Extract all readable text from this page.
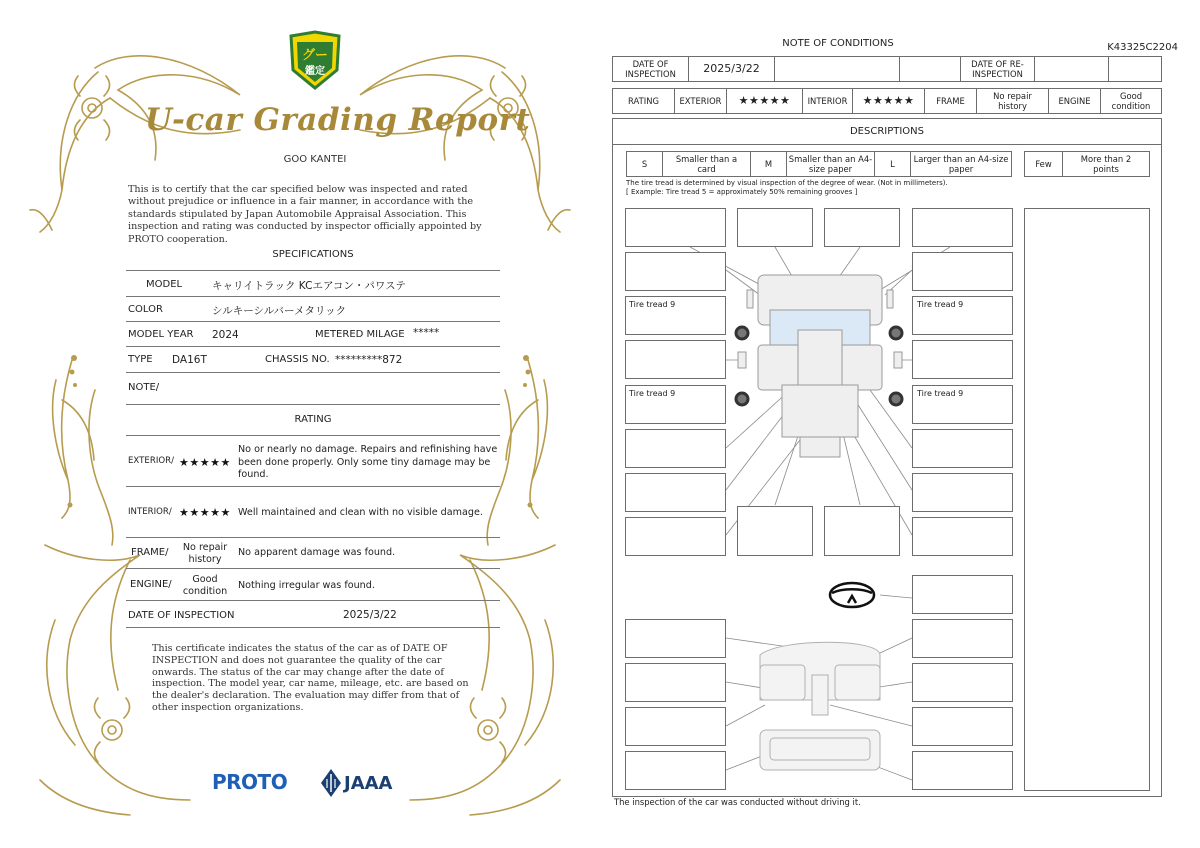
グー
鑑定
U-car Grading Report
GOO KANTEI
This is to certify that the car specified below was inspected and rated without prejudice or influence in a fair manner, in accordance with the standards stipulated by Japan Automobile Appraisal Association. This inspection and rating was conducted by inspector officially appointed by PROTO cooperation.
SPECIFICATIONS
MODEL	キャリイトラック KCエアコン・パワステ
COLOR	シルキーシルバーメタリック
MODEL YEAR 2024	METERED MILAGE *****
TYPE DA16T	CHASSIS NO. *********872
NOTE/
RATING
EXTERIOR/ ★★★★★
No or nearly no damage. Repairs and refinishing have been done properly. Only some tiny damage may be found.
INTERIOR/ ★★★★★ Well maintained and clean with no visible damage.
FRAME/	No repair history
No apparent damage was found.
ENGINE/	Good condition	Nothing irregular was found.
DATE OF INSPECTION	2025/3/22
This certificate indicates the status of the car as of DATE OF INSPECTION and does not guarantee the quality of the car onwards. The status of the car may change after the date of inspection. The model year, car name, mileage, etc. are based on the dealer's declaration. The evaluation may differ from that of other inspection organizations.
PROTO	JAAA
NOTE OF CONDITIONS	K43325C2204
DATE OF INSPECTION	2025/3/22	DATE OF RE-INSPECTION
RATING	EXTERIOR	★★★★★	INTERIOR	★★★★★	FRAME	No repair history	ENGINE	Good condition
DESCRIPTIONS
S	Smaller than a card	M	Smaller than an A4-size paper	L	Larger than an A4-size paper	Few	More than 2 points
The tire tread is determined by visual inspection of the degree of wear. (Not in millimeters).
[ Example: Tire tread 5 = approximately 50% remaining grooves ]
Tire tread 9	Tire tread 9
Tire tread 9	Tire tread 9
The inspection of the car was conducted without driving it.
